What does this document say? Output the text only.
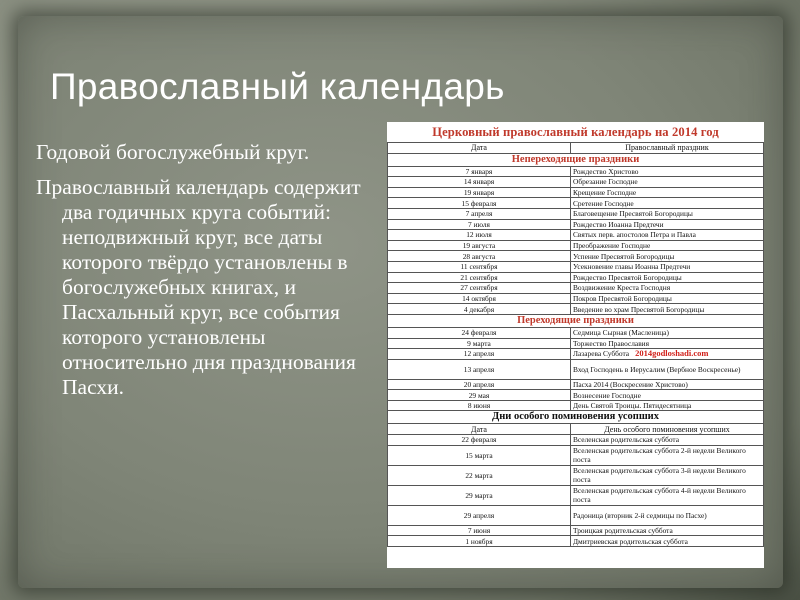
Православный календарь

Годовой богослужебный круг.

Православный календарь содержит два годичных круга событий: неподвижный круг, все даты которого твёрдо установлены в богослужебных книгах, и Пасхальный круг, все события которого установлены относительно дня празднования Пасхи.

Церковный православный календарь на 2014 год
Дата	Православный праздник
Непереходящие праздники	
7 января	Рождество Христово
14 января	Обрезание Господне
19 января	Крещение Господне
15 февраля	Сретение Господне
7 апреля	Благовещение Пресвятой Богородицы
7 июля	Рождество Иоанна Предтечи
12 июля	Святых перв. апостолов Петра и Павла
19 августа	Преображение Господне
28 августа	Успение Пресвятой Богородицы
11 сентября	Усекновение главы Иоанна Предтечи
21 сентября	Рождество Пресвятой Богородицы
27 сентября	Воздвижение Креста Господня
14 октября	Покров Пресвятой Богородицы
4 декабря	Введение во храм Пресвятой Богородицы
Переходящие праздники	
24 февраля	Седмица Сырная (Масленица)
9 марта	Торжество Православия
12 апреля	Лазарева Суббота 2014godloshadi.com
13 апреля	Вход Господень в Иерусалим (Вербное Воскресенье)
20 апреля	Пасха 2014 (Воскресение Христово)
29 мая	Вознесение Господне
8 июня	День Святой Троицы. Пятидесятница
Дни особого поминовения усопших	
Дата	День особого поминовения усопших
22 февраля	Вселенская родительская суббота
15 марта	Вселенская родительская суббота 2-й недели Великого поста
22 марта	Вселенская родительская суббота 3-й недели Великого поста
29 марта	Вселенская родительская суббота 4-й недели Великого поста
29 апреля	Радоница (вторник 2-й седмицы по Пасхе)
7 июня	Троицкая родительская суббота
1 ноября	Дмитриевская родительская суббота
